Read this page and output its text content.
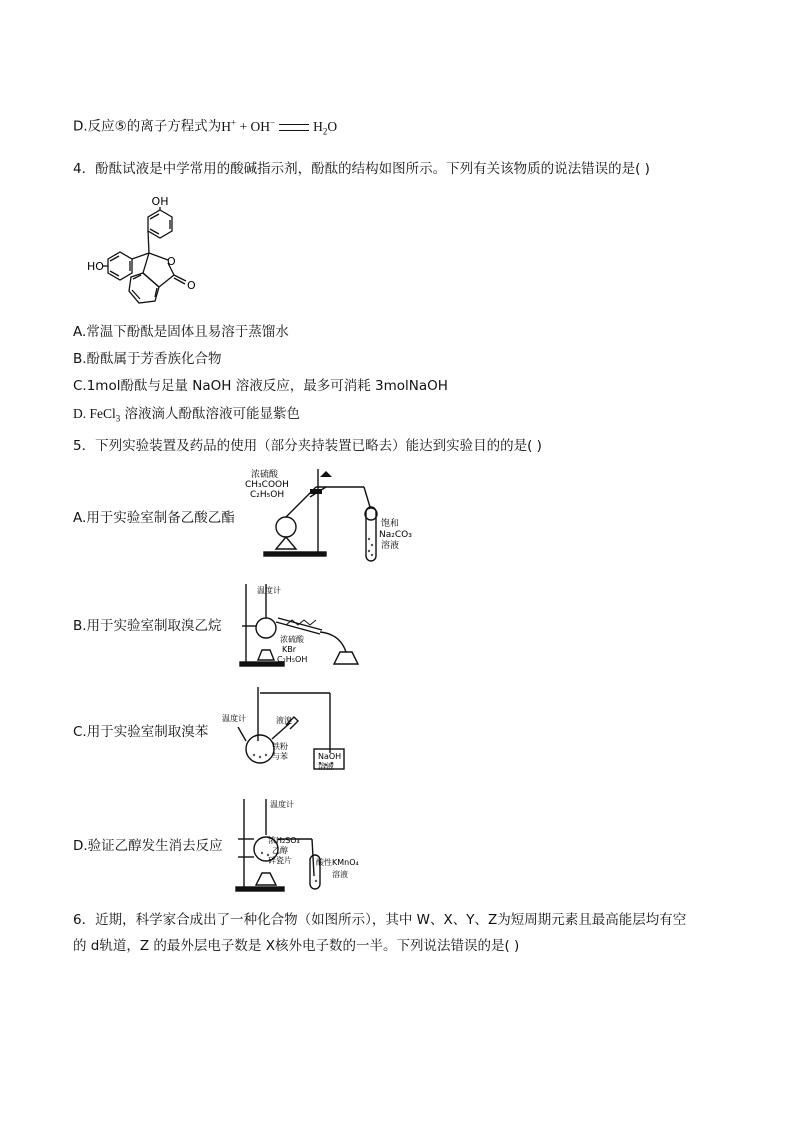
D.反应⑤的离子方程式为H+ + OH−	$H_2O$
4．酚酞试液是中学常用的酸碱指示剂，酚酞的结构如图所示。下列有关该物质的说法错误的是( )
OH
HO	O
O
A.常温下酚酞是固体且易溶于蒸馏水
B.酚酞属于芳香族化合物
C.1mol酚酞与足量 NaOH 溶液反应，最多可消耗 3molNaOH
D. FeCl$_3$ 溶液滴人酚酞溶液可能显紫色
5．下列实验装置及药品的使用（部分夹持装置已略去）能达到实验目的的是( )
A.用于实验室制备乙酸乙酯
浓硫酸
CH₃COOH
C₂H₅OH
饱和
Na₂CO₃
溶液
B.用于实验室制取溴乙烷
温度计
浓硫酸
KBr
C₂H₅OH
C.用于实验室制取溴苯
温度计	液溴
铁粉
与苯	NaOH
溶液
D.验证乙醇发生消去反应
温度计
浓H₂SO₄
乙醇
碎瓷片	酸性KMnO₄
溶液
6．近期，科学家合成出了一种化合物（如图所示），其中 W、X、Y、Z为短周期元素且最高能层均有空
的 d轨道，Z 的最外层电子数是 X核外电子数的一半。下列说法错误的是( )
